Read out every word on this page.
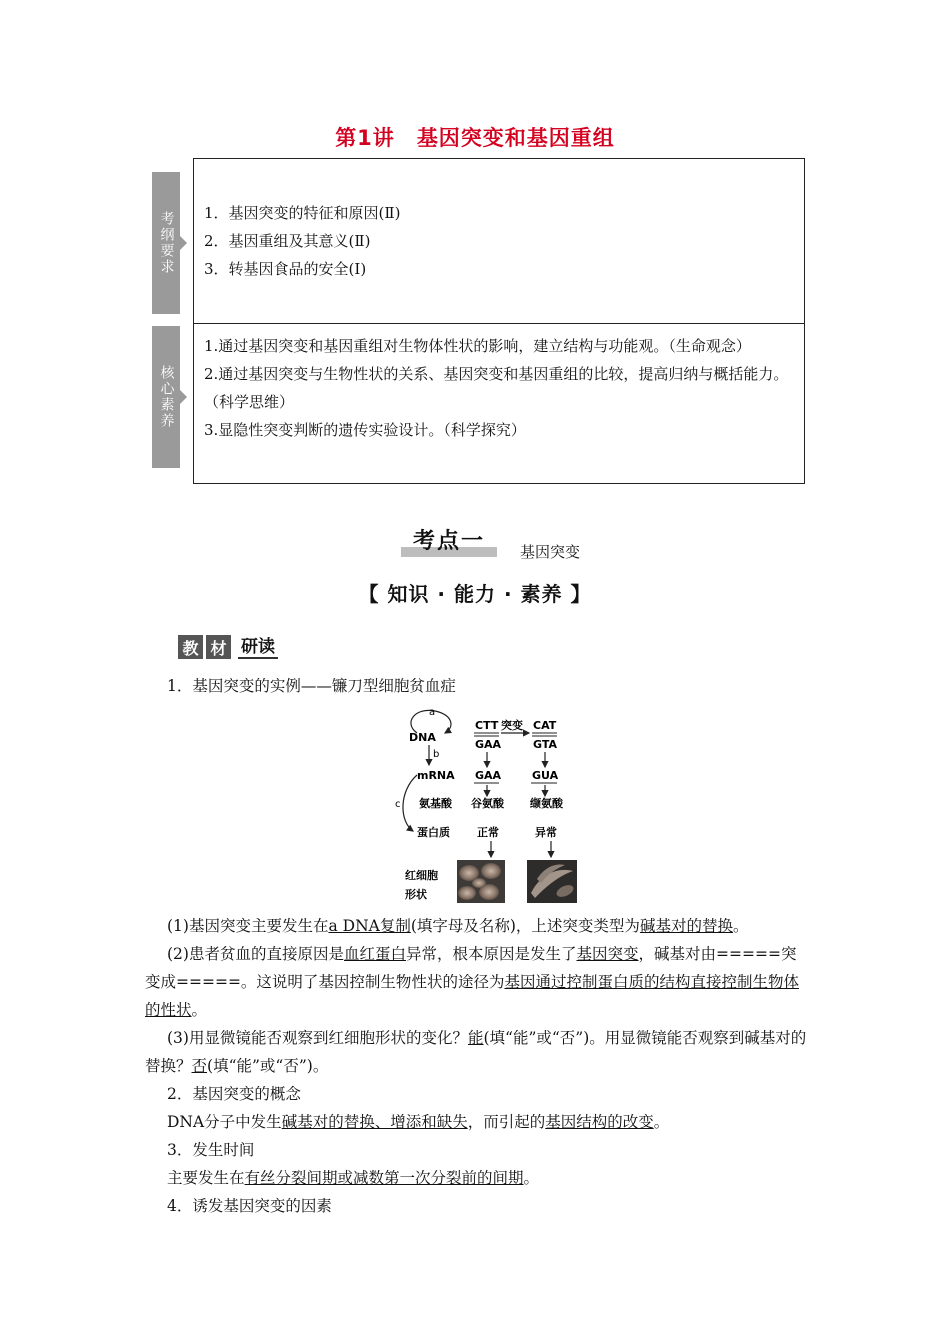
第1讲 基因突变和基因重组
考纲要求
核心素养

1．基因突变的特征和原因(Ⅱ)

2．基因重组及其意义(Ⅱ)

3．转基因食品的安全(Ⅰ)

1.通过基因突变和基因重组对生物体性状的影响，建立结构与功能观。（生命观念）

2.通过基因突变与生物性状的关系、基因突变和基因重组的比较，提高归纳与概括能力。（科学思维）

3.显隐性突变判断的遗传实验设计。（科学探究）

考点一	基因突变
【 知识 · 能力 · 素养 】
教 材 研读

1．基因突变的实例——镰刀型细胞贫血症

a
DNA
b
mRNA
c 氨基酸
蛋白质
CTT 突变 CAT
GAA	GTA
GAA	GUA
谷氨酸 缬氨酸
正常	异常
红细胞
形状

(1)基因突变主要发生在a DNA复制(填字母及名称)，上述突变类型为碱基对的替换。

(2)患者贫血的直接原因是血红蛋白异常，根本原因是发生了基因突变，碱基对由=====突变成=====。这说明了基因控制生物性状的途径为基因通过控制蛋白质的结构直接控制生物体的性状。

(3)用显微镜能否观察到红细胞形状的变化？能(填“能”或“否”)。用显微镜能否观察到碱基对的替换？否(填“能”或“否”)。

2．基因突变的概念

DNA分子中发生碱基对的替换、增添和缺失，而引起的基因结构的改变。

3．发生时间

主要发生在有丝分裂间期或减数第一次分裂前的间期。

4．诱发基因突变的因素
